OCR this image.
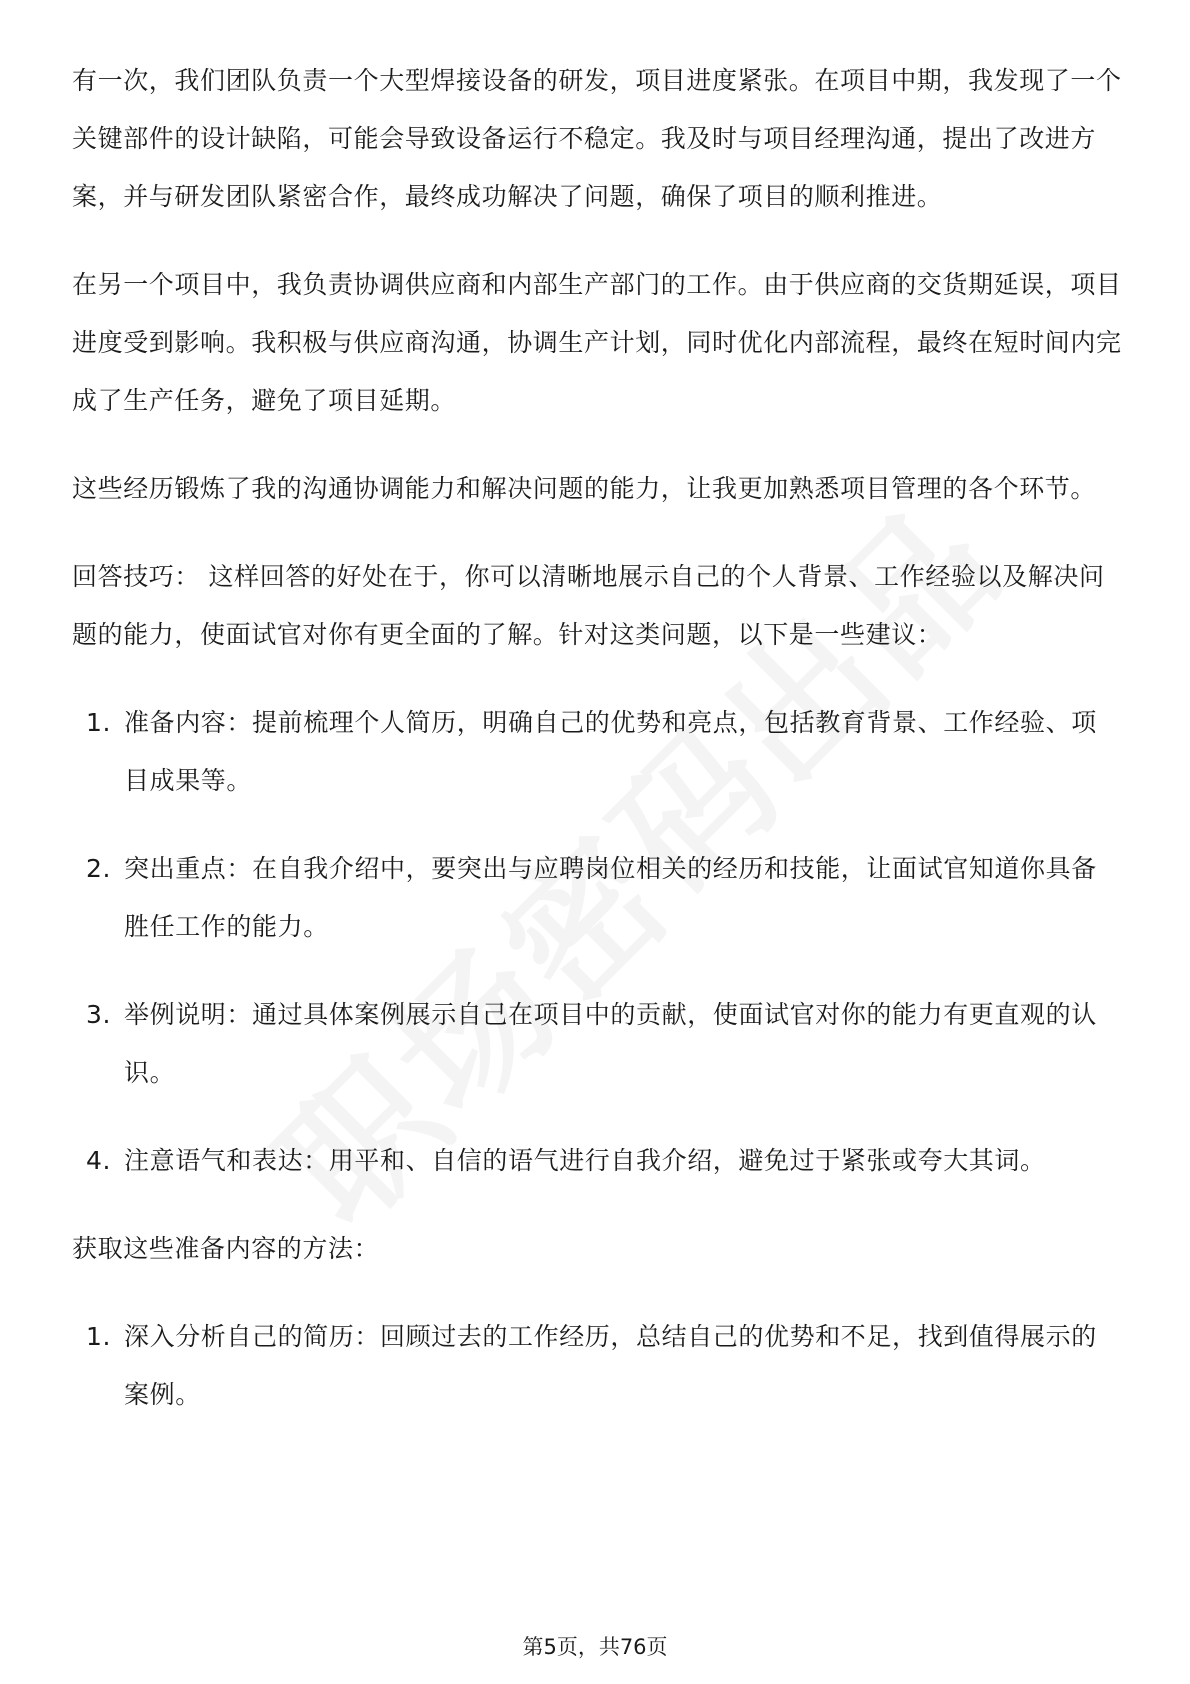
有一次，我们团队负责一个大型焊接设备的研发，项目进度紧张。在项目中期，我发现了一个关键部件的设计缺陷，可能会导致设备运行不稳定。我及时与项目经理沟通，提出了改进方案，并与研发团队紧密合作，最终成功解决了问题，确保了项目的顺利推进。

在另一个项目中，我负责协调供应商和内部生产部门的工作。由于供应商的交货期延误，项目进度受到影响。我积极与供应商沟通，协调生产计划，同时优化内部流程，最终在短时间内完成了生产任务，避免了项目延期。

这些经历锻炼了我的沟通协调能力和解决问题的能力，让我更加熟悉项目管理的各个环节。

回答技巧： 这样回答的好处在于，你可以清晰地展示自己的个人背景、工作经验以及解决问题的能力，使面试官对你有更全面的了解。针对这类问题，以下是一些建议：

1. 准备内容：提前梳理个人简历，明确自己的优势和亮点，包括教育背景、工作经验、项目成果等。
2. 突出重点：在自我介绍中，要突出与应聘岗位相关的经历和技能，让面试官知道你具备胜任工作的能力。
3. 举例说明：通过具体案例展示自己在项目中的贡献，使面试官对你的能力有更直观的认识。
4. 注意语气和表达：用平和、自信的语气进行自我介绍，避免过于紧张或夸大其词。

获取这些准备内容的方法：

1. 深入分析自己的简历：回顾过去的工作经历，总结自己的优势和不足，找到值得展示的案例。
第5页，共76页
